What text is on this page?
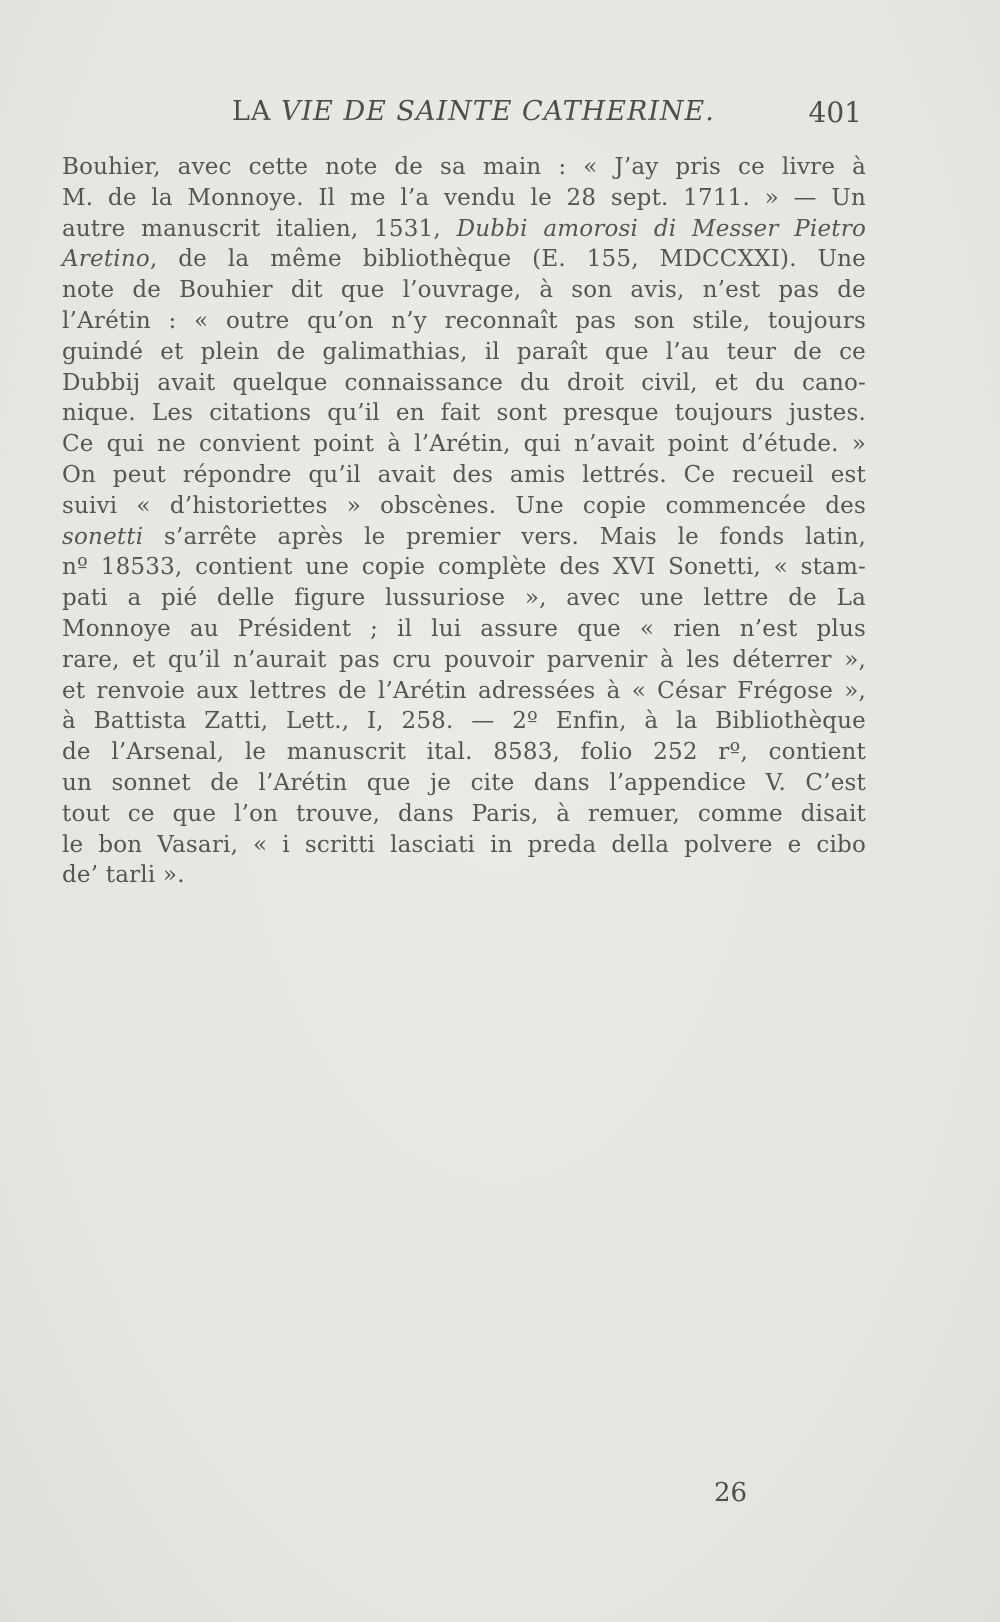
LA VIE DE SAINTE CATHERINE.	401
Bouhier, avec cette note de sa main : « J’ay pris ce livre à
M. de la Monnoye. Il me l’a vendu le 28 sept. 1711. » — Un
autre manuscrit italien, 1531, Dubbi amorosi di Messer Pietro
Aretino, de la même bibliothèque (E. 155, MDCCXXI). Une
note de Bouhier dit que l’ouvrage, à son avis, n’est pas de
l’Arétin : « outre qu’on n’y reconnaît pas son stile, toujours
guindé et plein de galimathias, il paraît que l’au teur de ce
Dubbij avait quelque connaissance du droit civil, et du cano-
nique. Les citations qu’il en fait sont presque toujours justes.
Ce qui ne convient point à l’Arétin, qui n’avait point d’étude. »
On peut répondre qu’il avait des amis lettrés. Ce recueil est
suivi « d’historiettes » obscènes. Une copie commencée des
sonetti s’arrête après le premier vers. Mais le fonds latin,
nº 18533, contient une copie complète des XVI Sonetti, « stam-
pati a pié delle figure lussuriose », avec une lettre de La
Monnoye au Président ; il lui assure que « rien n’est plus
rare, et qu’il n’aurait pas cru pouvoir parvenir à les déterrer »,
et renvoie aux lettres de l’Arétin adressées à « César Frégose »,
à Battista Zatti, Lett., I, 258. — 2º Enfin, à la Bibliothèque
de l’Arsenal, le manuscrit ital. 8583, folio 252 rº, contient
un sonnet de l’Arétin que je cite dans l’appendice V. C’est
tout ce que l’on trouve, dans Paris, à remuer, comme disait
le bon Vasari, « i scritti lasciati in preda della polvere e cibo
de’ tarli ».
26
